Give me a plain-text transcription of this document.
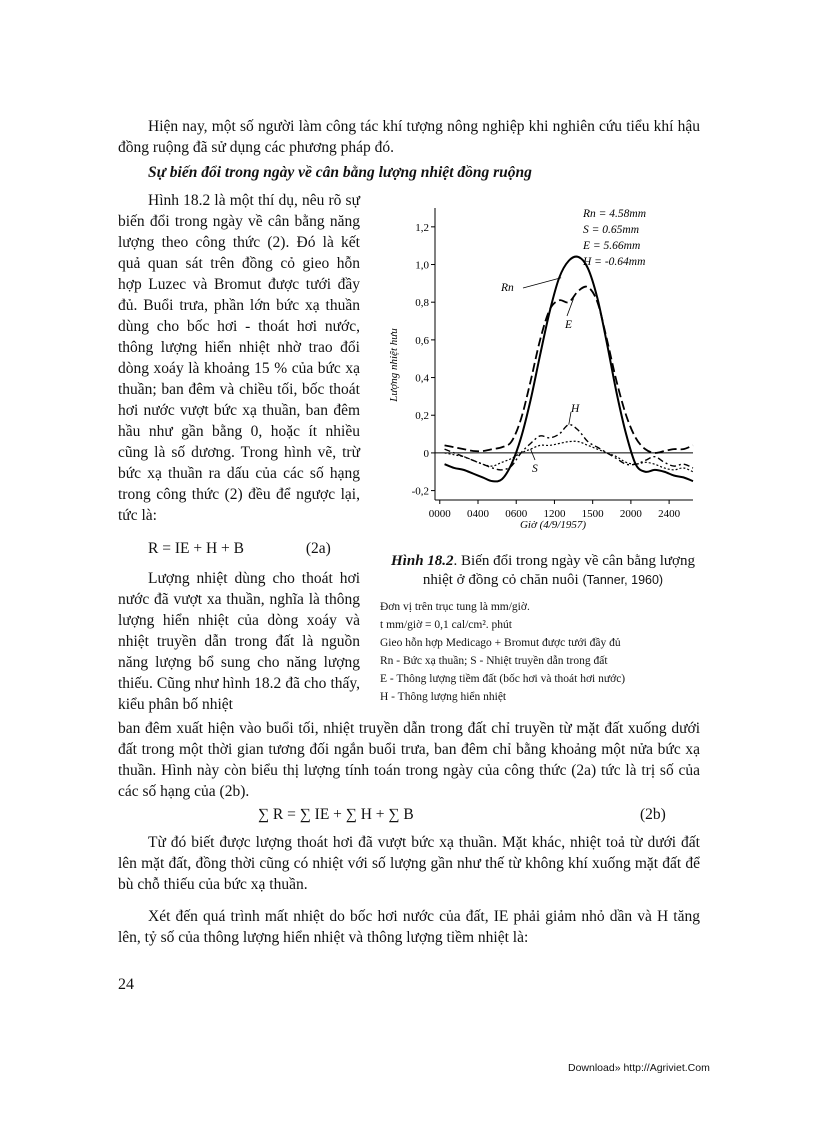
Hiện nay, một số người làm công tác khí tượng nông nghiệp khi nghiên cứu tiểu khí hậu đồng ruộng đã sử dụng các phương pháp đó.
Sự biến đổi trong ngày về cân bằng lượng nhiệt đồng ruộng
Hình 18.2 là một thí dụ, nêu rõ sự biến đổi trong ngày về cân bằng năng lượng theo công thức (2). Đó là kết quả quan sát trên đồng cỏ gieo hỗn hợp Luzec và Bromut được tưới đầy đủ. Buổi trưa, phần lớn bức xạ thuần dùng cho bốc hơi - thoát hơi nước, thông lượng hiển nhiệt nhờ trao đổi dòng xoáy là khoảng 15 % của bức xạ thuần; ban đêm và chiều tối, bốc thoát hơi nước vượt bức xạ thuần, ban đêm hầu như gần bằng 0, hoặc ít nhiều cũng là số dương. Trong hình vẽ, trừ bức xạ thuần ra dấu của các số hạng trong công thức (2) đều để ngược lại, tức là:
R = IE + H + B	(2a)
Lượng nhiệt dùng cho thoát hơi nước đã vượt xa thuần, nghĩa là thông lượng hiển nhiệt của dòng xoáy và nhiệt truyền dẫn trong đất là nguồn năng lượng bổ sung cho năng lượng thiếu. Cũng như hình 18.2 đã cho thấy, kiểu phân bố nhiệt
1,2
1,0
0,8
0,6
0,4
0,2
0
-0,2
0000 0400 0600 1200 1500 2000 2400
Rn = 4.58mm
S = 0.65mm
E = 5.66mm
H = -0.64mm
Rn
E
H
S
Lượng nhiệt hưu
Giờ (4/9/1957)
Hình 18.2. Biến đổi trong ngày về cân bằng lượng nhiệt ở đồng cỏ chăn nuôi (Tanner, 1960)
Đơn vị trên trục tung là mm/giờ.
t mm/giờ = 0,1 cal/cm². phút
Gieo hỗn hợp Medicago + Bromut được tưới đầy đủ
Rn - Bức xạ thuần; S - Nhiệt truyền dẫn trong đất
E - Thông lượng tiềm đất (bốc hơi và thoát hơi nước)
H - Thông lượng hiển nhiệt
ban đêm xuất hiện vào buổi tối, nhiệt truyền dẫn trong đất chỉ truyền từ mặt đất xuống dưới đất trong một thời gian tương đối ngắn buổi trưa, ban đêm chỉ bằng khoảng một nửa bức xạ thuần. Hình này còn biểu thị lượng tính toán trong ngày của công thức (2a) tức là trị số của các số hạng của (2b).
∑ R = ∑ IE + ∑ H + ∑ B	(2b)
Từ đó biết được lượng thoát hơi đã vượt bức xạ thuần. Mặt khác, nhiệt toả từ dưới đất lên mặt đất, đồng thời cũng có nhiệt với số lượng gần như thế từ không khí xuống mặt đất để bù chỗ thiếu của bức xạ thuần.
Xét đến quá trình mất nhiệt do bốc hơi nước của đất, IE phải giảm nhỏ dần và H tăng lên, tỷ số của thông lượng hiển nhiệt và thông lượng tiềm nhiệt là:
24
Download» http://Agriviet.Com
